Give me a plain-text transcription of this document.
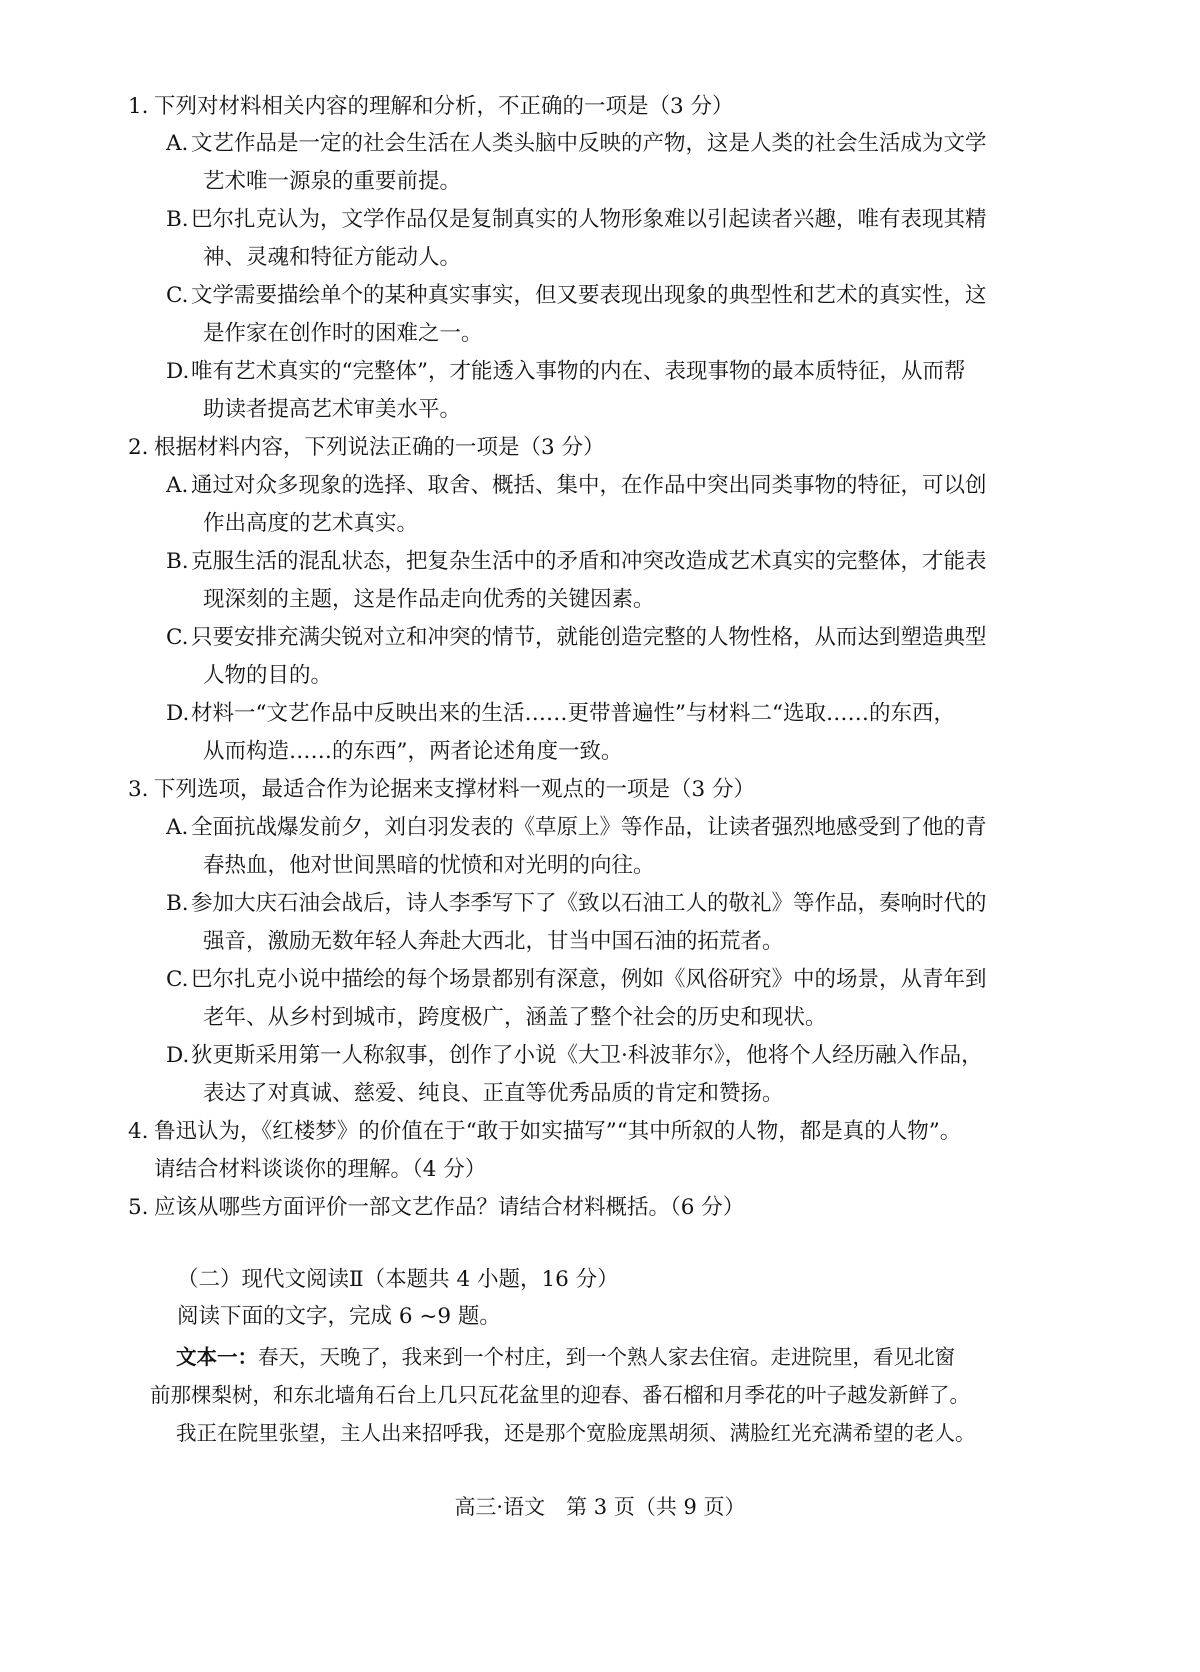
1. 下列对材料相关内容的理解和分析，不正确的一项是（3 分）
A. 文艺作品是一定的社会生活在人类头脑中反映的产物，这是人类的社会生活成为文学
艺术唯一源泉的重要前提。
B. 巴尔扎克认为，文学作品仅是复制真实的人物形象难以引起读者兴趣，唯有表现其精
神、灵魂和特征方能动人。
C. 文学需要描绘单个的某种真实事实，但又要表现出现象的典型性和艺术的真实性，这
是作家在创作时的困难之一。
D. 唯有艺术真实的“完整体”，才能透入事物的内在、表现事物的最本质特征，从而帮
助读者提高艺术审美水平。
2. 根据材料内容，下列说法正确的一项是（3 分）
A. 通过对众多现象的选择、取舍、概括、集中，在作品中突出同类事物的特征，可以创
作出高度的艺术真实。
B. 克服生活的混乱状态，把复杂生活中的矛盾和冲突改造成艺术真实的完整体，才能表
现深刻的主题，这是作品走向优秀的关键因素。
C. 只要安排充满尖锐对立和冲突的情节，就能创造完整的人物性格，从而达到塑造典型
人物的目的。
D. 材料一“文艺作品中反映出来的生活……更带普遍性”与材料二“选取……的东西，
从而构造……的东西”，两者论述角度一致。
3. 下列选项，最适合作为论据来支撑材料一观点的一项是（3 分）
A. 全面抗战爆发前夕，刘白羽发表的《草原上》等作品，让读者强烈地感受到了他的青
春热血，他对世间黑暗的忧愤和对光明的向往。
B. 参加大庆石油会战后，诗人李季写下了《致以石油工人的敬礼》等作品，奏响时代的
强音，激励无数年轻人奔赴大西北，甘当中国石油的拓荒者。
C. 巴尔扎克小说中描绘的每个场景都别有深意，例如《风俗研究》中的场景，从青年到
老年、从乡村到城市，跨度极广，涵盖了整个社会的历史和现状。
D. 狄更斯采用第一人称叙事，创作了小说《大卫·科波菲尔》，他将个人经历融入作品，
表达了对真诚、慈爱、纯良、正直等优秀品质的肯定和赞扬。
4. 鲁迅认为，《红楼梦》的价值在于“敢于如实描写”“其中所叙的人物，都是真的人物”。
请结合材料谈谈你的理解。（4 分）
5. 应该从哪些方面评价一部文艺作品？请结合材料概括。（6 分）
（二）现代文阅读Ⅱ（本题共 4 小题，16 分）
阅读下面的文字，完成 6 ~9 题。
文本一：春天，天晚了，我来到一个村庄，到一个熟人家去住宿。走进院里，看见北窗
前那棵梨树，和东北墙角石台上几只瓦花盆里的迎春、番石榴和月季花的叶子越发新鲜了。
我正在院里张望，主人出来招呼我，还是那个宽脸庞黑胡须、满脸红光充满希望的老人。
高三·语文　第 3 页（共 9 页）
